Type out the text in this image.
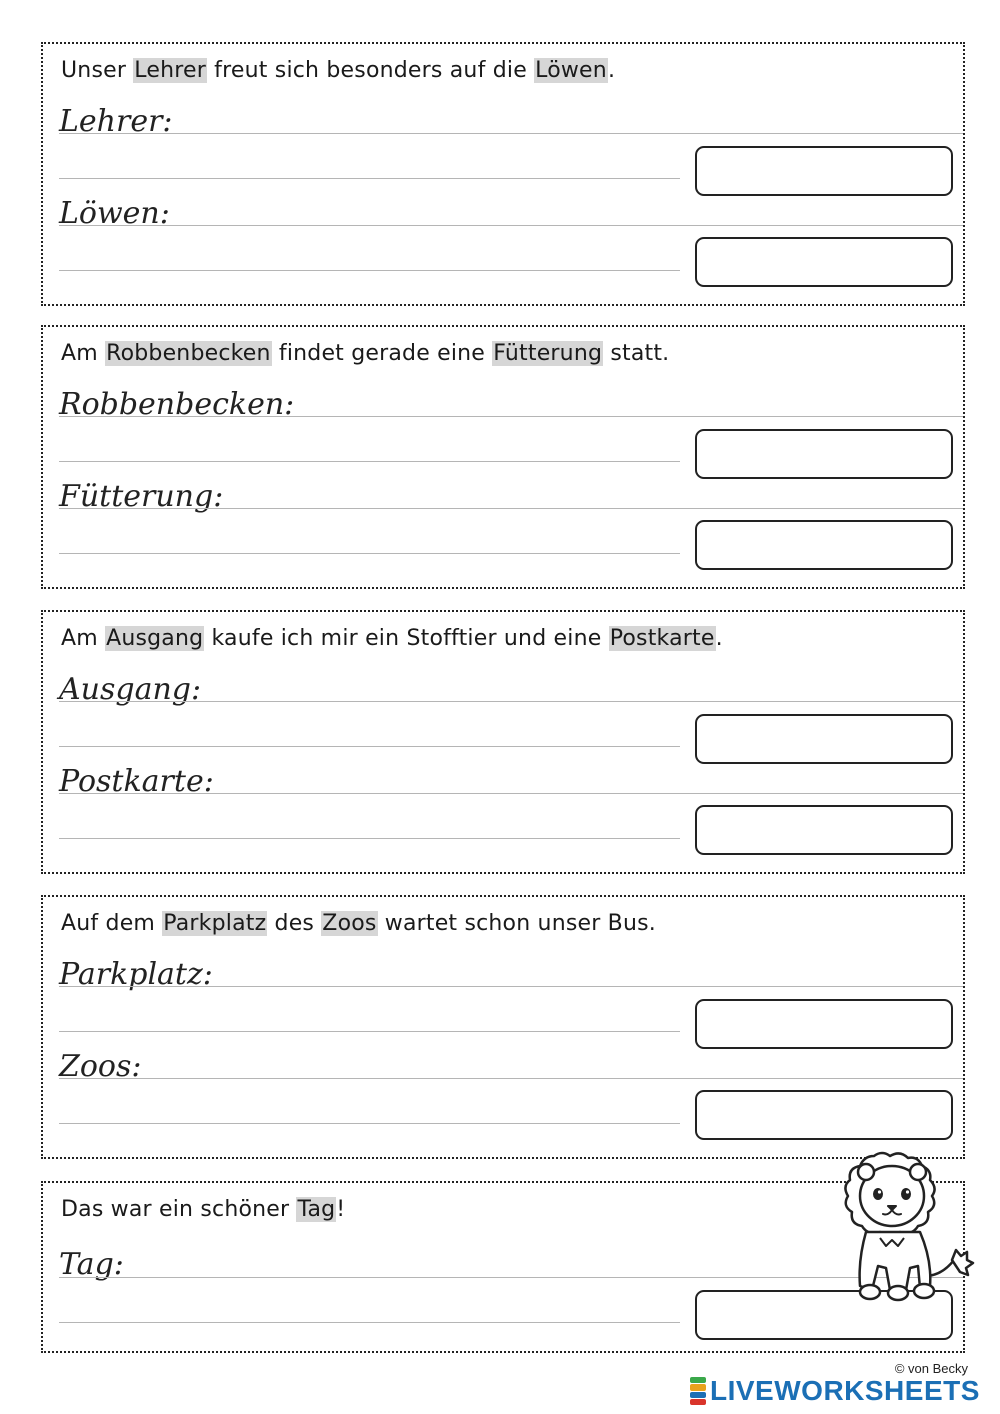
Unser Lehrer freut sich besonders auf die Löwen.
Lehrer:
Löwen:
Am Robbenbecken findet gerade eine Fütterung statt.
Robbenbecken:
Fütterung:
Am Ausgang kaufe ich mir ein Stofftier und eine Postkarte.
Ausgang:
Postkarte:
Auf dem Parkplatz des Zoos wartet schon unser Bus.
Parkplatz:
Zoos:
Das war ein schöner Tag!
Tag:
© von Becky
LIVEWORKSHEETS
